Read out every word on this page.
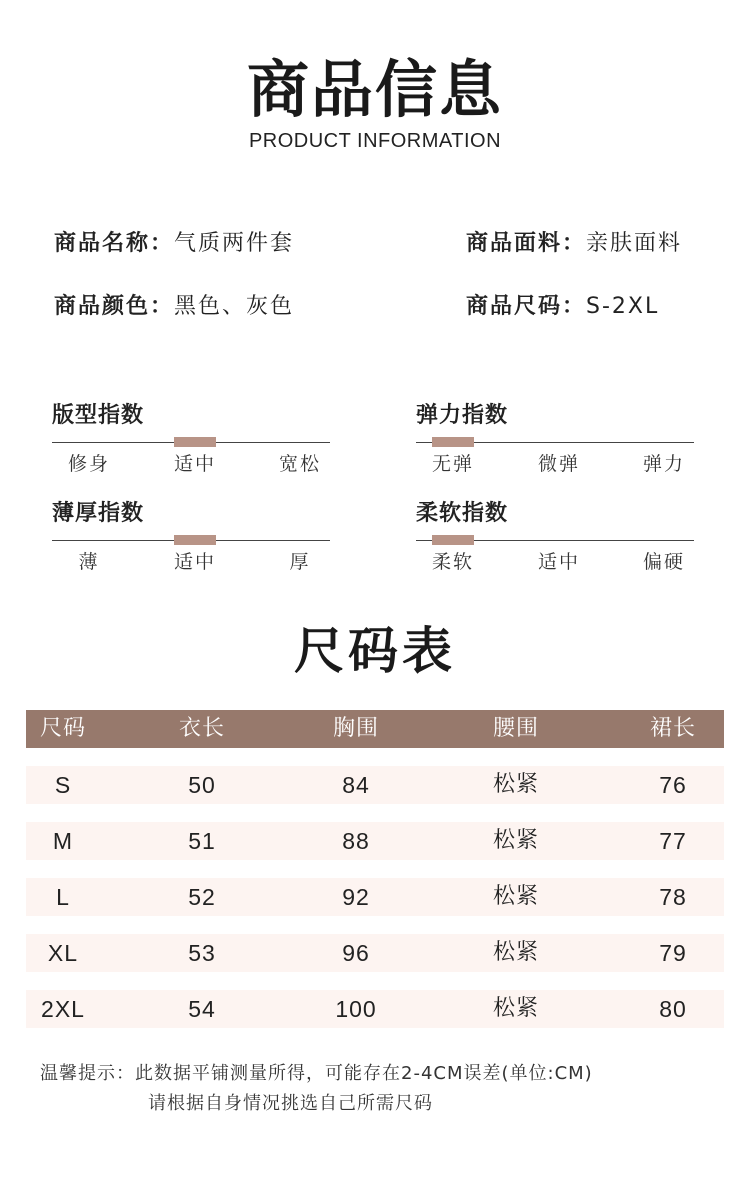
商品信息
PRODUCT INFORMATION
商品名称：气质两件套	商品面料：亲肤面料
商品颜色：黑色、灰色	商品尺码：S-2XL
版型指数
修身	适中	宽松
弹力指数
无弹	微弹	弹力
薄厚指数
薄	适中	厚
柔软指数
柔软	适中	偏硬
尺码表
尺码	衣长	胸围	腰围	裙长
S	50	84	松紧	76
M	51	88	松紧	77
L	52	92	松紧	78
XL	53	96	松紧	79
2XL	54	100	松紧	80
温馨提示：此数据平铺测量所得，可能存在2-4CM误差(单位:CM)
请根据自身情况挑选自己所需尺码
